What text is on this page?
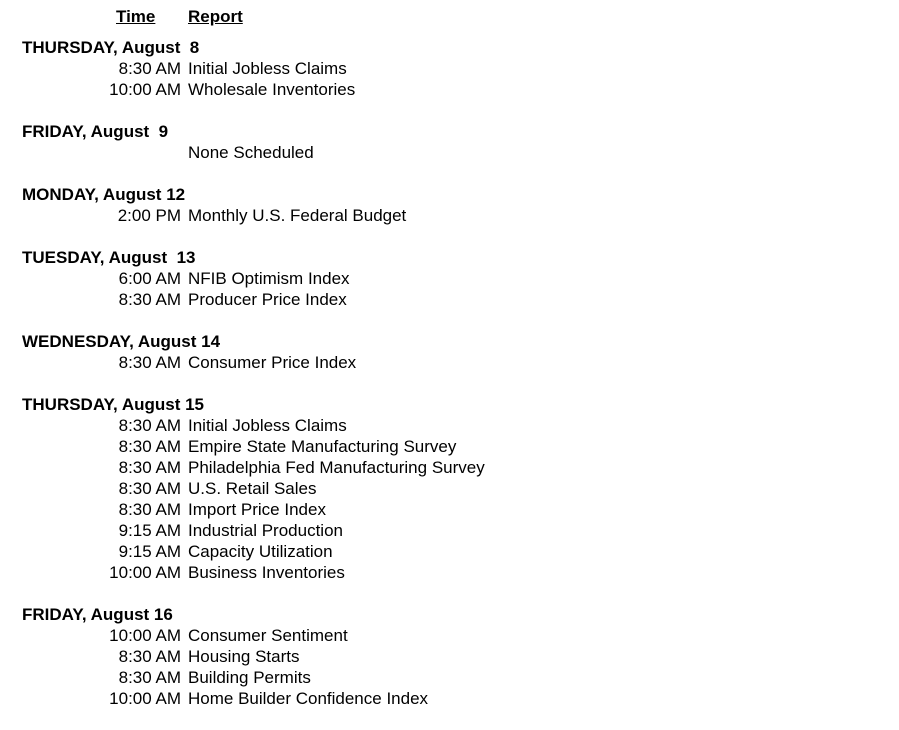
Time	Report
THURSDAY, August  8
8:30 AM Initial Jobless Claims
10:00 AM Wholesale Inventories
FRIDAY, August  9
None Scheduled
MONDAY, August 12
2:00 PM Monthly U.S. Federal Budget
TUESDAY, August  13
6:00 AM NFIB Optimism Index
8:30 AM Producer Price Index
WEDNESDAY, August 14
8:30 AM Consumer Price Index
THURSDAY, August 15
8:30 AM Initial Jobless Claims
8:30 AM Empire State Manufacturing Survey
8:30 AM Philadelphia Fed Manufacturing Survey
8:30 AM U.S. Retail Sales
8:30 AM Import Price Index
9:15 AM Industrial Production
9:15 AM Capacity Utilization
10:00 AM Business Inventories
FRIDAY, August 16
10:00 AM Consumer Sentiment
8:30 AM Housing Starts
8:30 AM Building Permits
10:00 AM Home Builder Confidence Index
